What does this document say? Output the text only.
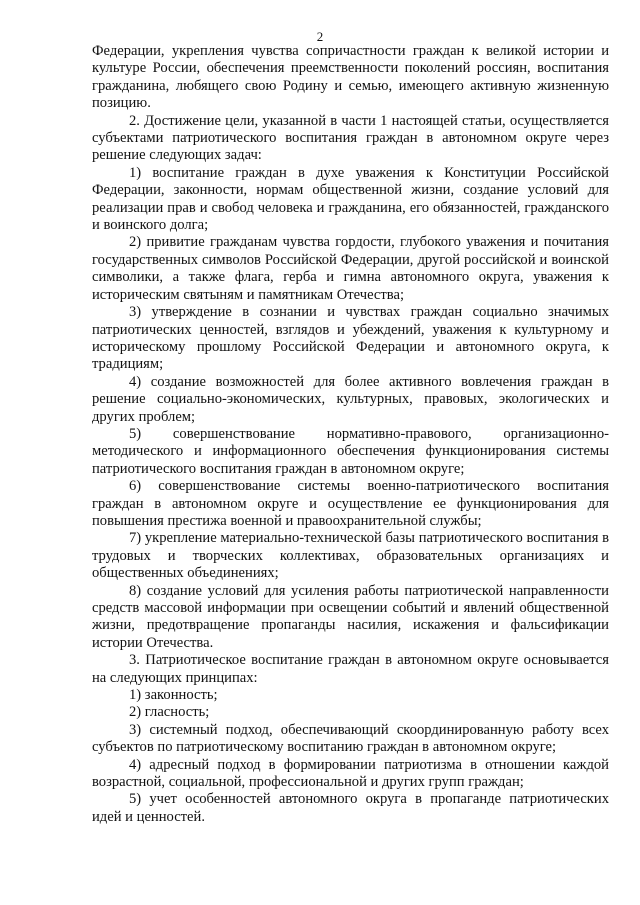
2

Федерации, укрепления чувства сопричастности граждан к великой истории и культуре России, обеспечения преемственности поколений россиян, воспитания гражданина, любящего свою Родину и семью, имеющего активную жизненную позицию.

2. Достижение цели, указанной в части 1 настоящей статьи, осуществляется субъектами патриотического воспитания граждан в автономном округе через решение следующих задач:

1) воспитание граждан в духе уважения к Конституции Российской Федерации, законности, нормам общественной жизни, создание условий для реализации прав и свобод человека и гражданина, его обязанностей, гражданского и воинского долга;

2) привитие гражданам чувства гордости, глубокого уважения и почитания государственных символов Российской Федерации, другой российской и воинской символики, а также флага, герба и гимна автономного округа, уважения к историческим святыням и памятникам Отечества;

3) утверждение в сознании и чувствах граждан социально значимых патриотических ценностей, взглядов и убеждений, уважения к культурному и историческому прошлому Российской Федерации и автономного округа, к традициям;

4) создание возможностей для более активного вовлечения граждан в решение социально-экономических, культурных, правовых, экологических и других проблем;

5) совершенствование нормативно-правового, организационно-методического и информационного обеспечения функционирования системы патриотического воспитания граждан в автономном округе;

6) совершенствование системы военно-патриотического воспитания граждан в автономном округе и осуществление ее функционирования для повышения престижа военной и правоохранительной службы;

7) укрепление материально-технической базы патриотического воспитания в трудовых и творческих коллективах, образовательных организациях и общественных объединениях;

8) создание условий для усиления работы патриотической направленности средств массовой информации при освещении событий и явлений общественной жизни, предотвращение пропаганды насилия, искажения и фальсификации истории Отечества.

3. Патриотическое воспитание граждан в автономном округе основывается на следующих принципах:

1) законность;

2) гласность;

3) системный подход, обеспечивающий скоординированную работу всех субъектов по патриотическому воспитанию граждан в автономном округе;

4) адресный подход в формировании патриотизма в отношении каждой возрастной, социальной, профессиональной и других групп граждан;

5) учет особенностей автономного округа в пропаганде патриотических идей и ценностей.
